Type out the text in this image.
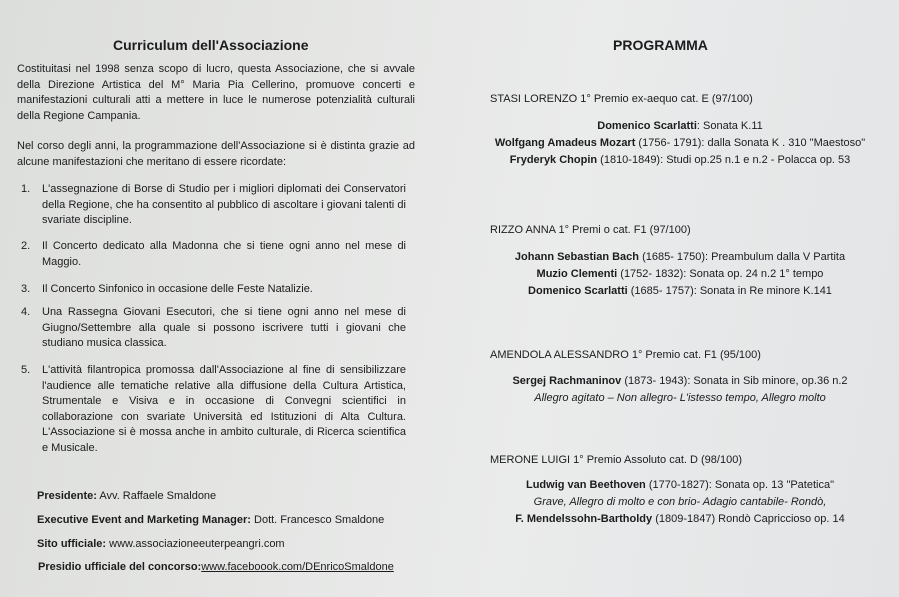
Curriculum dell'Associazione

Costituitasi nel 1998 senza scopo di lucro, questa Associazione, che si avvale della Direzione Artistica del M° Maria Pia Cellerino, promuove concerti e manifestazioni culturali atti a mettere in luce le numerose potenzialità culturali della Regione Campania.

Nel corso degli anni, la programmazione dell'Associazione si è distinta grazie ad alcune manifestazioni che meritano di essere ricordate:

1. L'assegnazione di Borse di Studio per i migliori diplomati dei Conservatori della Regione, che ha consentito al pubblico di ascoltare i giovani talenti di svariate discipline.
2. Il Concerto dedicato alla Madonna che si tiene ogni anno nel mese di Maggio.
3. Il Concerto Sinfonico in occasione delle Feste Natalizie.
4. Una Rassegna Giovani Esecutori, che si tiene ogni anno nel mese di Giugno/Settembre alla quale si possono iscrivere tutti i giovani che studiano musica classica.
5. L'attività filantropica promossa dall'Associazione al fine di sensibilizzare l'audience alle tematiche relative alla diffusione della Cultura Artistica, Strumentale e Visiva e in occasione di Convegni scientifici in collaborazione con svariate Università ed Istituzioni di Alta Cultura. L'Associazione si è mossa anche in ambito culturale, di Ricerca scientifica e Musicale.
Presidente: Avv. Raffaele Smaldone
Executive Event and Marketing Manager: Dott. Francesco Smaldone
Sito ufficiale: www.associazioneeuterpeangri.com
Presidio ufficiale del concorso:www.faceboook.com/DEnricoSmaldone
PROGRAMMA
STASI LORENZO 1° Premio ex-aequo cat. E (97/100)
Domenico Scarlatti: Sonata K.11
Wolfgang Amadeus Mozart (1756- 1791): dalla Sonata K . 310 "Maestoso"
Fryderyk Chopin (1810-1849): Studi op.25 n.1 e n.2 - Polacca op. 53
RIZZO ANNA 1° Premi o cat. F1 (97/100)
Johann Sebastian Bach (1685- 1750): Preambulum dalla V Partita
Muzio Clementi (1752- 1832): Sonata op. 24 n.2 1° tempo
Domenico Scarlatti (1685- 1757): Sonata in Re minore K.141
AMENDOLA ALESSANDRO 1° Premio cat. F1 (95/100)
Sergej Rachmaninov (1873- 1943): Sonata in Sib minore, op.36 n.2
Allegro agitato – Non allegro- L'istesso tempo, Allegro molto
MERONE LUIGI 1° Premio Assoluto cat. D (98/100)
Ludwig van Beethoven (1770-1827): Sonata op. 13 "Patetica"
Grave, Allegro di molto e con brio- Adagio cantabile- Rondò,
F. Mendelssohn-Bartholdy (1809-1847) Rondò Capriccioso op. 14
